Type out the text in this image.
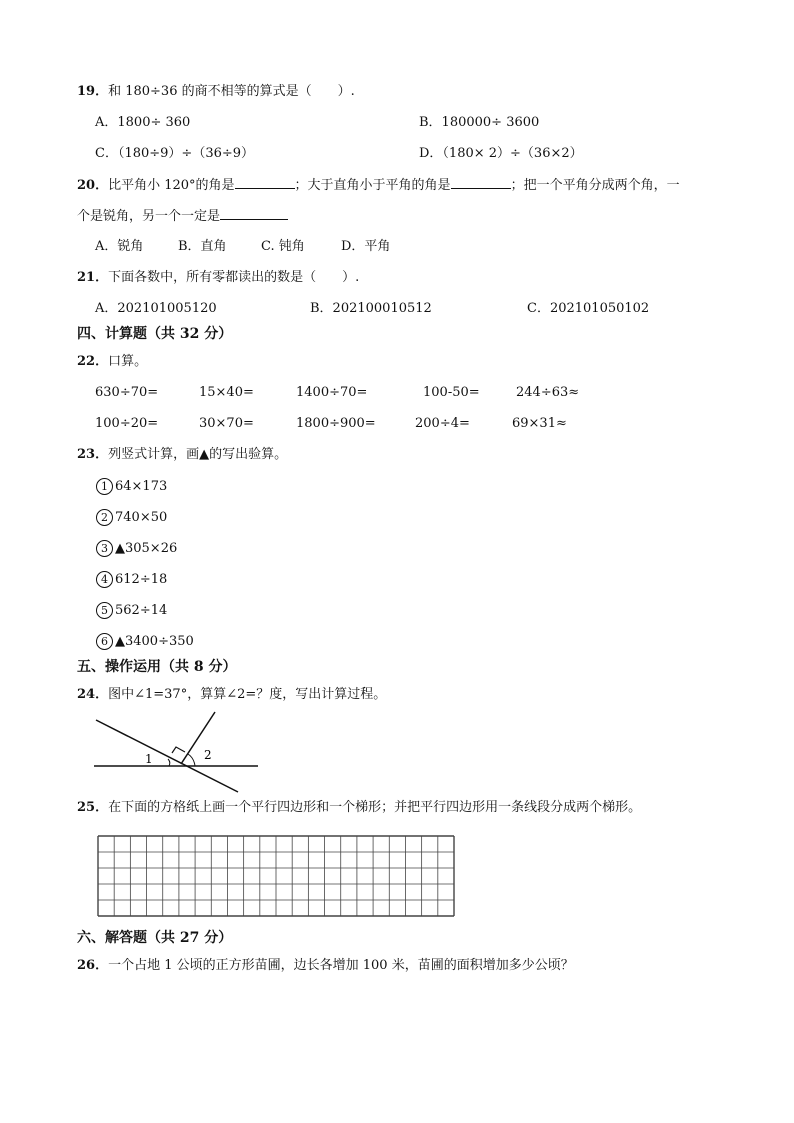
19．和 180÷36 的商不相等的算式是（　　）.
A．1800÷ 360	B．180000÷ 3600
C．（180÷9）÷（36÷9）	D．（180× 2）÷（36×2）
20．比平角小 120°的角是	；大于直角小于平角的角是	；把一个平角分成两个角，一
个是锐角，另一个一定是
A．锐角	B．直角	C. 钝角	D．平角
21．下面各数中，所有零都读出的数是（　　）.
A．202101005120	B．202100010512	C．202101050102
四、计算题（共 32 分）
22．口算。
630÷70=	15×40=	1400÷70=	100-50=	244÷63≈
100÷20=	30×70=	1800÷900=	200÷4=	69×31≈
23．列竖式计算，画▲的写出验算。
1 64×173
2 740×50
3 ▲305×26
4 612÷18
5 562÷14
6 ▲3400÷350
五、操作运用（共 8 分）
24．图中∠1=37°，算算∠2=？度，写出计算过程。
1	2
25．在下面的方格纸上画一个平行四边形和一个梯形；并把平行四边形用一条线段分成两个梯形。
六、解答题（共 27 分）
26．一个占地 1 公顷的正方形苗圃，边长各增加 100 米，苗圃的面积增加多少公顷？
